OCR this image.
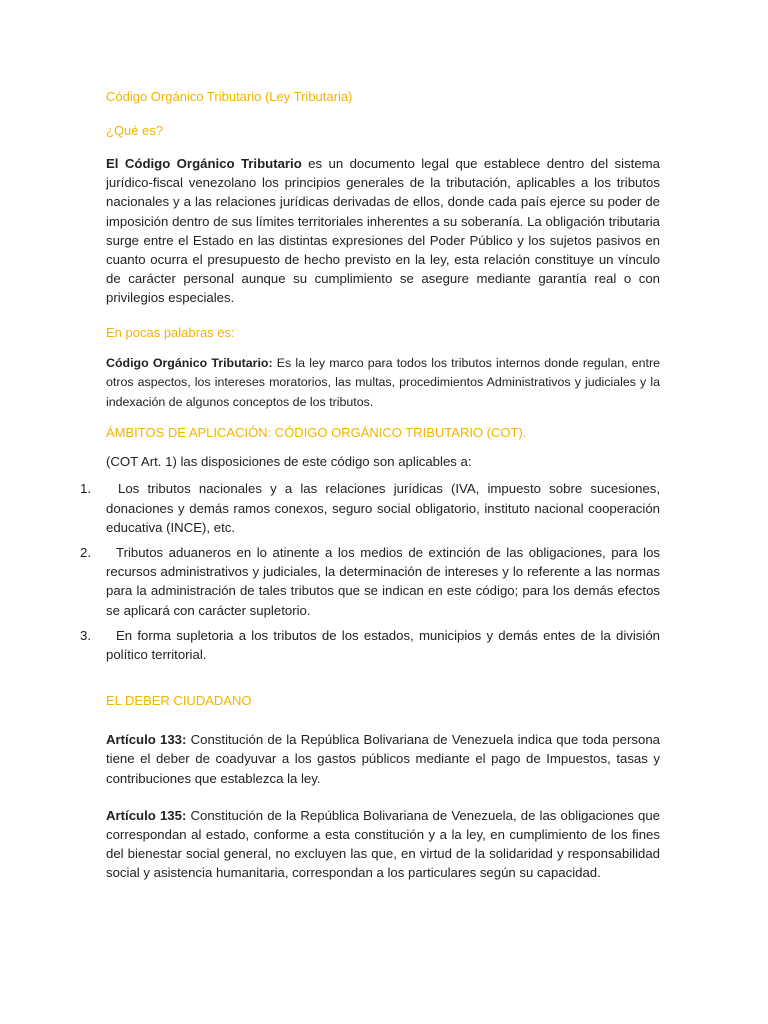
Código Orgánico Tributario (Ley Tributaria)

¿Qué es?

El Código Orgánico Tributario es un documento legal que establece dentro del sistema jurídico-fiscal venezolano los principios generales de la tributación, aplicables a los tributos nacionales y a las relaciones jurídicas derivadas de ellos, donde cada país ejerce su poder de imposición dentro de sus límites territoriales inherentes a su soberanía. La obligación tributaria surge entre el Estado en las distintas expresiones del Poder Público y los sujetos pasivos en cuanto ocurra el presupuesto de hecho previsto en la ley, esta relación constituye un vínculo de carácter personal aunque su cumplimiento se asegure mediante garantía real o con privilegios especiales.

En pocas palabras es:

Código Orgánico Tributario: Es la ley marco para todos los tributos internos donde regulan, entre otros aspectos, los intereses moratorios, las multas, procedimientos Administrativos y judiciales y la indexación de algunos conceptos de los tributos.

ÁMBITOS DE APLICACIÓN: CÓDIGO ORGÁNICO TRIBUTARIO (COT).

(COT Art. 1) las disposiciones de este código son aplicables a:

1.	Los tributos nacionales y a las relaciones jurídicas (IVA, impuesto sobre sucesiones, donaciones y demás ramos conexos, seguro social obligatorio, instituto nacional cooperación educativa (INCE), etc.

2.	Tributos aduaneros en lo atinente a los medios de extinción de las obligaciones, para los recursos administrativos y judiciales, la determinación de intereses y lo referente a las normas para la administración de tales tributos que se indican en este código; para los demás efectos se aplicará con carácter supletorio.

3.	En forma supletoria a los tributos de los estados, municipios y demás entes de la división político territorial.

EL DEBER CIUDADANO

Artículo 133: Constitución de la República Bolivariana de Venezuela indica que toda persona tiene el deber de coadyuvar a los gastos públicos mediante el pago de Impuestos, tasas y contribuciones que establezca la ley.

Artículo 135: Constitución de la República Bolivariana de Venezuela, de las obligaciones que correspondan al estado, conforme a esta constitución y a la ley, en cumplimiento de los fines del bienestar social general, no excluyen las que, en virtud de la solidaridad y responsabilidad social y asistencia humanitaria, correspondan a los particulares según su capacidad.
